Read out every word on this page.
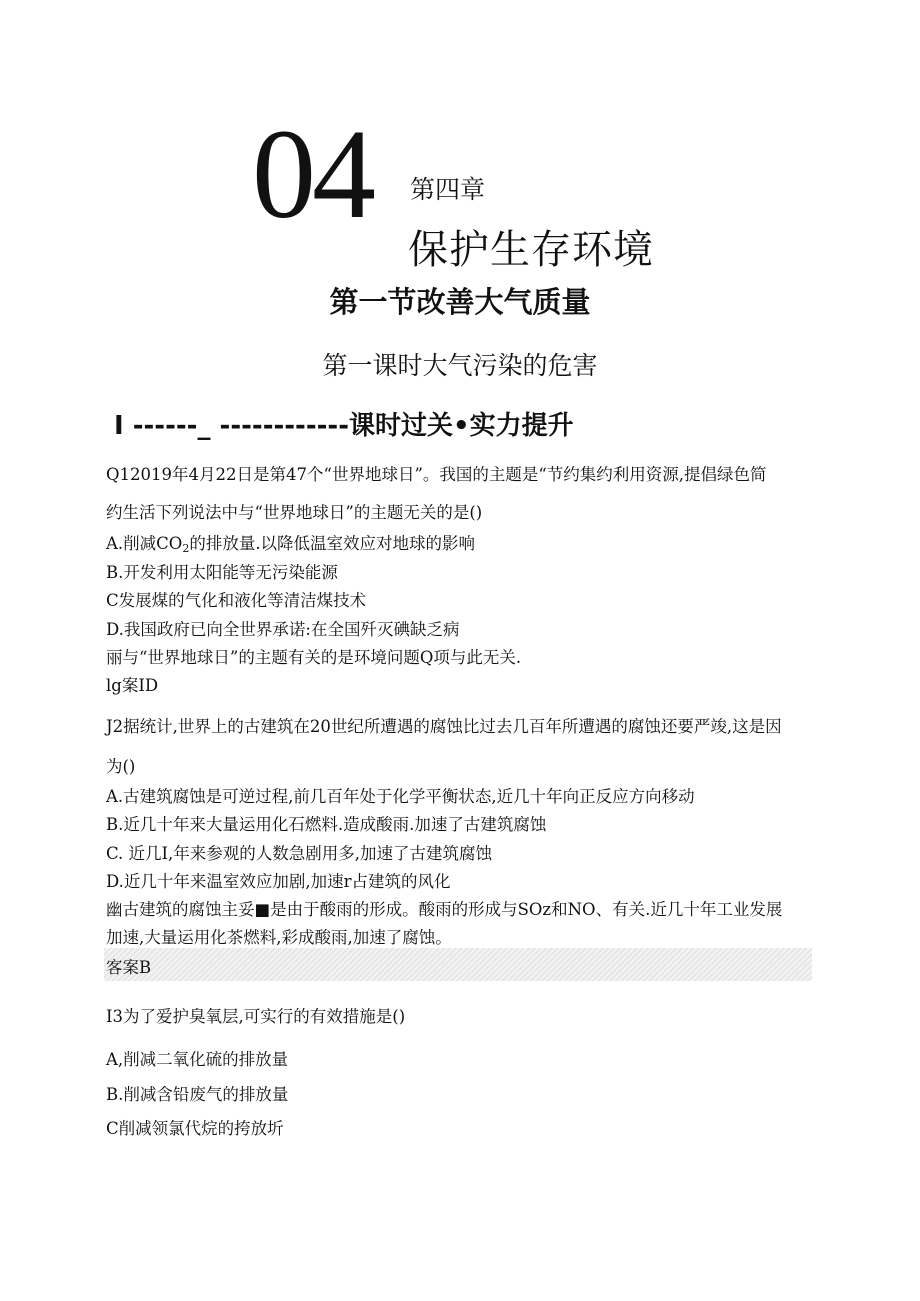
04 第四章
保护生存环境
第一节改善大气质量
第一课时大气污染的危害
I ------_ ------------课时过关•实力提升
Q12019年4月22日是第47个“世界地球日”。我国的主题是“节约集约利用资源,提倡绿色简
约生活下列说法中与“世界地球日”的主题无关的是()
A.削减$CO_2$的排放量.以降低温室效应对地球的影响
B.开发利用太阳能等无污染能源
C发展煤的气化和液化等清洁煤技术
D.我国政府已向全世界承诺:在全国歼灭碘缺乏病
丽与“世界地球日”的主题有关的是环境问题Q项与此无关.
lg案ID
J2据统计,世界上的古建筑在20世纪所遭遇的腐蚀比过去几百年所遭遇的腐蚀还要严竣,这是因
为()
A.古建筑腐蚀是可逆过程,前几百年处于化学平衡状态,近几十年向正反应方向移动
B.近几十年来大量运用化石燃料.造成酸雨.加速了古建筑腐蚀
C. 近几I,年来参观的人数急剧用多,加速了古建筑腐蚀
D.近几十年来温室效应加剧,加速r占建筑的风化
幽古建筑的腐蚀主妥■是由于酸雨的形成。酸雨的形成与SOz和NO、有关.近几十年工业发展
加速,大量运用化茶燃料,彩成酸雨,加速了腐蚀。
客案B
I3为了爱护臭氧层,可实行的有效措施是()
A,削减二氧化硫的排放量
B.削减含铅废气的排放量
C削减领氯代烷的挎放圻
